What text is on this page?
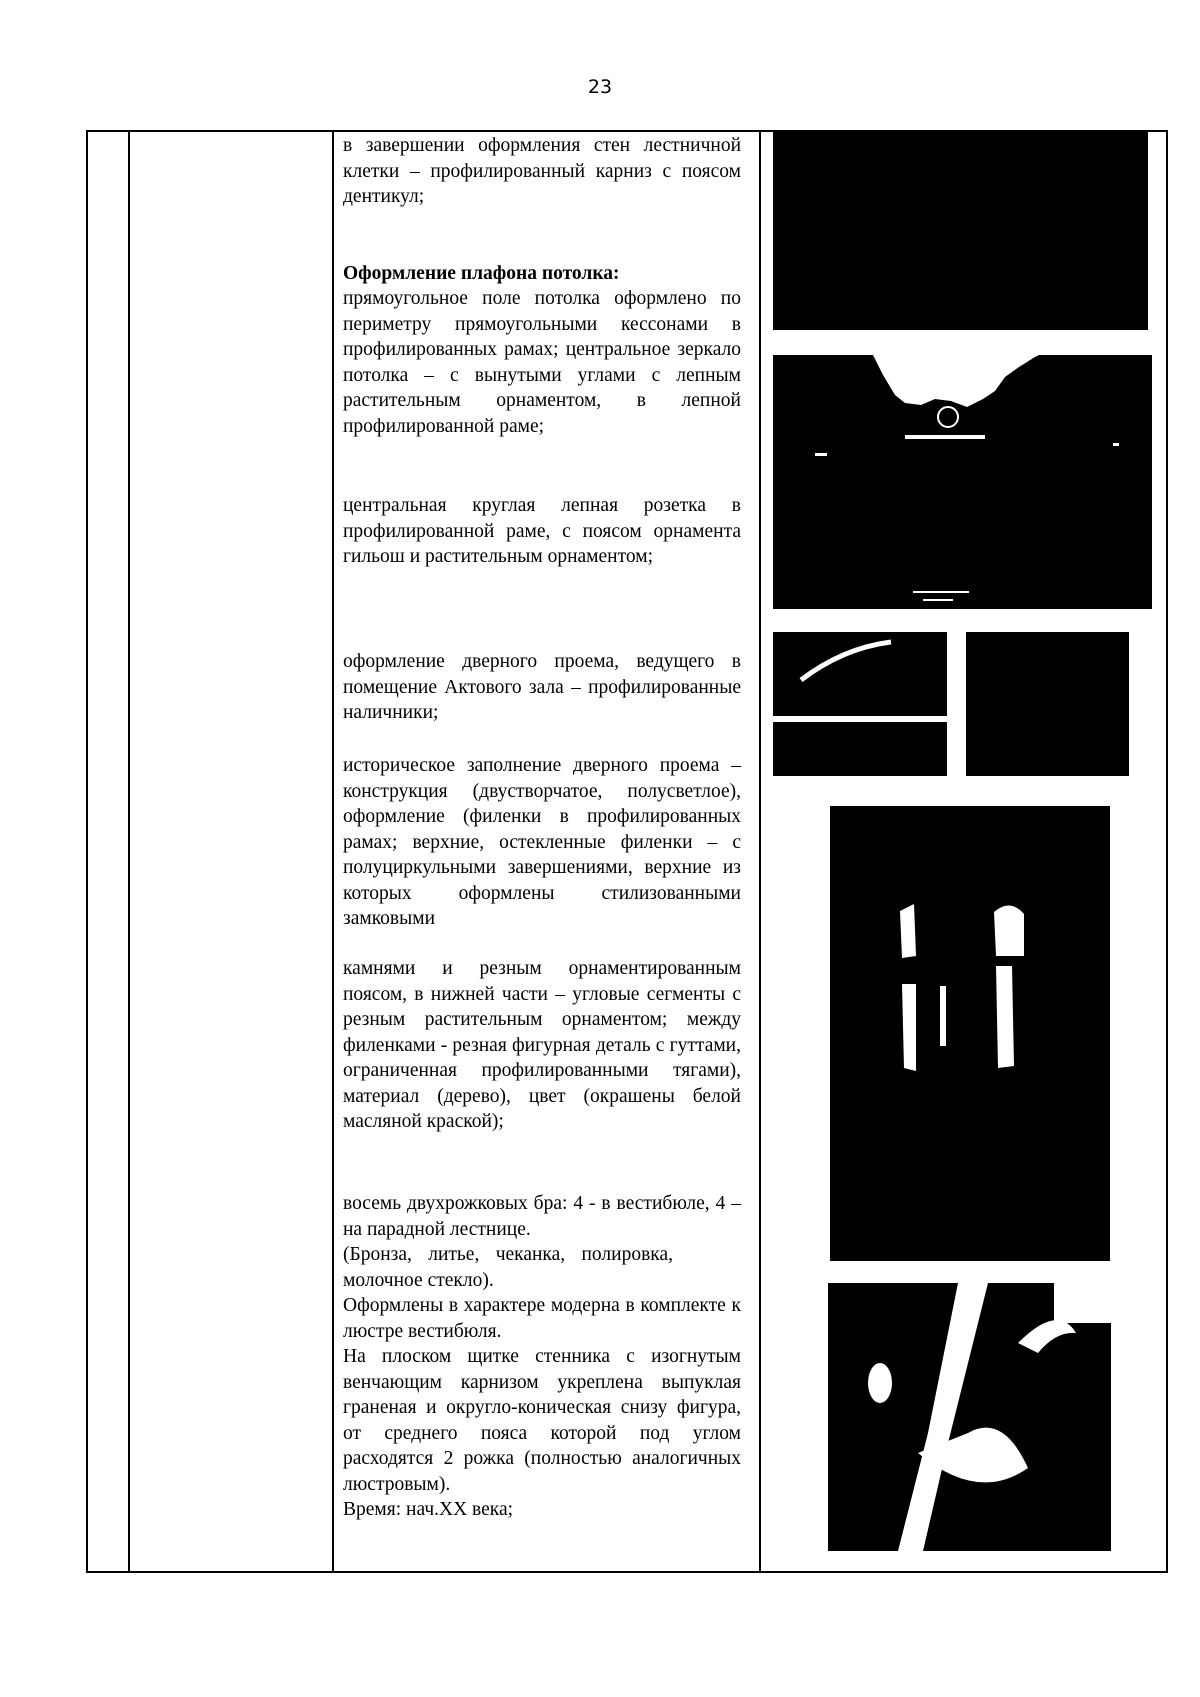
23

в завершении оформления стен лестничной клетки – профилированный карниз с поясом дентикул;

Оформление плафона потолка:

прямоугольное поле потолка оформлено по периметру прямоугольными кессонами в профилированных рамах; центральное зеркало потолка – с вынутыми углами с лепным растительным орнаментом, в лепной профилированной раме;

центральная круглая лепная розетка в профилированной раме, с поясом орнамента гильош и растительным орнаментом;

оформление дверного проема, ведущего в помещение Актового зала – профилированные наличники;

историческое заполнение дверного проема – конструкция (двустворчатое, полусветлое), оформление (филенки в профилированных рамах; верхние, остекленные филенки – с полуциркульными завершениями, верхние из которых оформлены стилизованными замковыми

камнями и резным орнаментированным поясом, в нижней части – угловые сегменты с резным растительным орнаментом; между филенками - резная фигурная деталь с гуттами, ограниченная профилированными тягами), материал (дерево), цвет (окрашены белой масляной краской);

восемь двухрожковых бра: 4 - в вестибюле, 4 – на парадной лестнице.

(Бронза, литье, чеканка, полировка, молочное стекло).

Оформлены в характере модерна в комплекте к люстре вестибюля.

На плоском щитке стенника с изогнутым венчающим карнизом укреплена выпуклая граненая и округло-коническая снизу фигура, от среднего пояса которой под углом расходятся 2 рожка (полностью аналогичных люстровым).

Время: нач.XX века;
